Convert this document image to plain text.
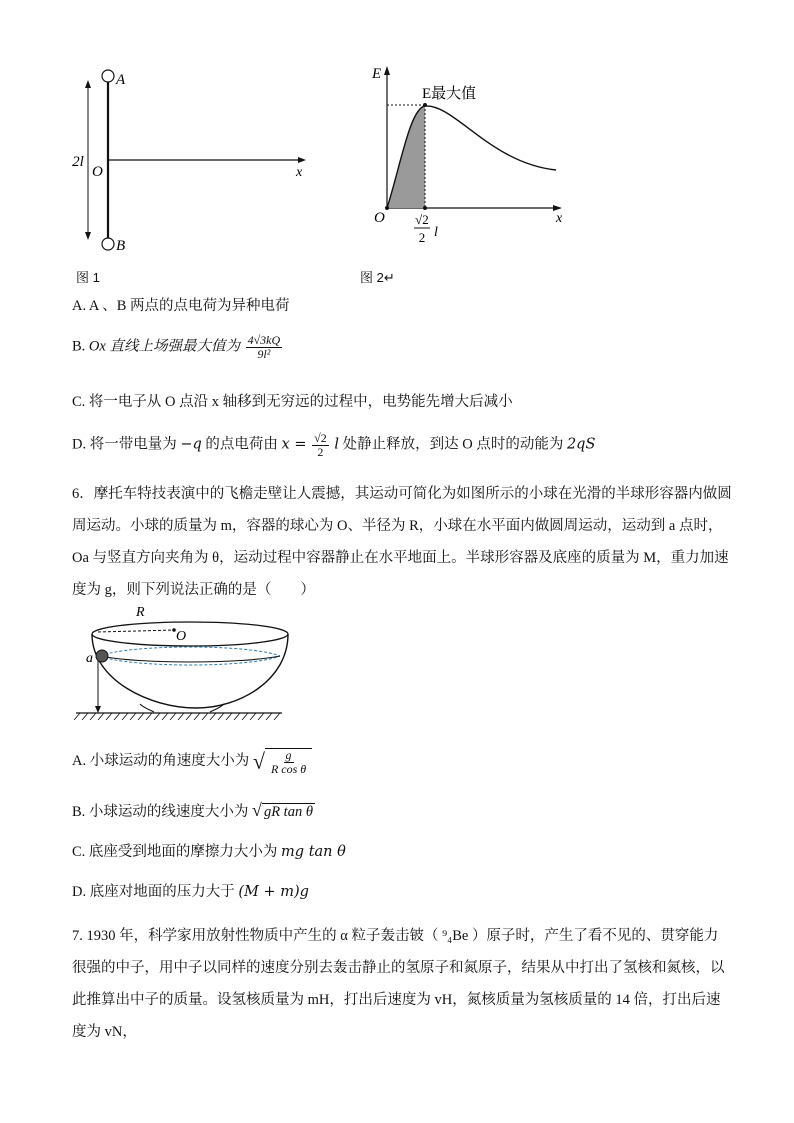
A
B
O
2l
x
图 1
E
E最大值
O	x
√2
2 l
图 2↵
A. A 、B 两点的点电荷为异种电荷
B. Ox 直线上场强最大值为 $\frac{4√3kQ}{\text{9l²}}$
C. 将一电子从 O 点沿 x 轴移到无穷远的过程中，电势能先增大后减小
D. 将一带电量为 −q 的点电荷由 $x = \frac{√2}{2}$ l 处静止释放，到达 O 点时的动能为 2qS
6．摩托车特技表演中的飞檐走壁让人震撼，其运动可简化为如图所示的小球在光滑的半球形容器内做圆周运动。小球的质量为 m，容器的球心为 O、半径为 R，小球在水平面内做圆周运动，运动到 a 点时，Oa 与竖直方向夹角为 θ，运动过程中容器静止在水平地面上。半球形容器及底座的质量为 M，重力加速度为 g，则下列说法正确的是（　　）
R
O
a
A. 小球运动的角速度大小为 √ $\frac{g}{\text{R cos θ}}$
B. 小球运动的线速度大小为 √ gR tan θ
C. 底座受到地面的摩擦力大小为 mg tan θ
D. 底座对地面的压力大于 (M + m)g
7. 1930 年，科学家用放射性物质中产生的 α 粒子轰击铍（ ⁹₄Be ）原子时，产生了看不见的、贯穿能力很强的中子，用中子以同样的速度分别去轰击静止的氢原子和氮原子，结果从中打出了氢核和氮核，以此推算出中子的质量。设氢核质量为 mH，打出后速度为 vH，氮核质量为氢核质量的 14 倍，打出后速度为 vN，
